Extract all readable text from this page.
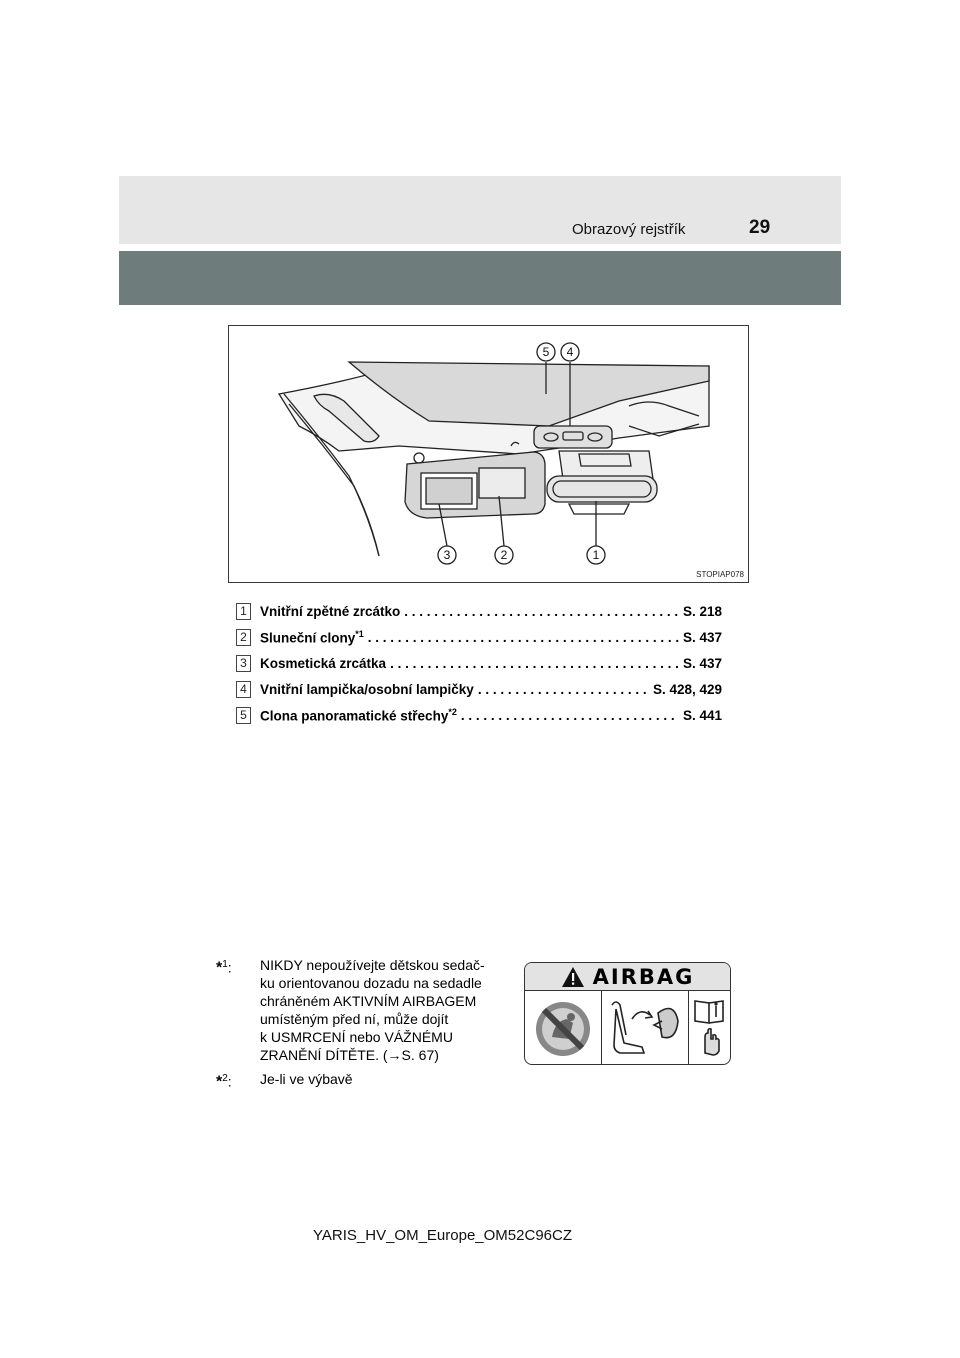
Obrazový rejstřík	29
5 4
3	2	1
STOPIAP078
1 Vnitřní zpětné zrcátko . . .	S. 218
2 Sluneční clony$^{*1}$ . . .	S. 437
3 Kosmetická zrcátka . . .	S. 437
4 Vnitřní lampička/osobní lampičky . . .	S. 428, 429
5 Clona panoramatické střechy$^{*2}$ . . .	S. 441
*$^1$:	NIKDY nepoužívejte dětskou sedač-
ku orientovanou dozadu na sedadle
chráněném AKTIVNÍM AIRBAGEM
umístěným před ní, může dojít
k USMRCENÍ nebo VÁŽNÉMU
ZRANĚNÍ DÍTĚTE. (→S. 67)
*$^2$:	Je-li ve výbavě
AIRBAG
YARIS_HV_OM_Europe_OM52C96CZ
